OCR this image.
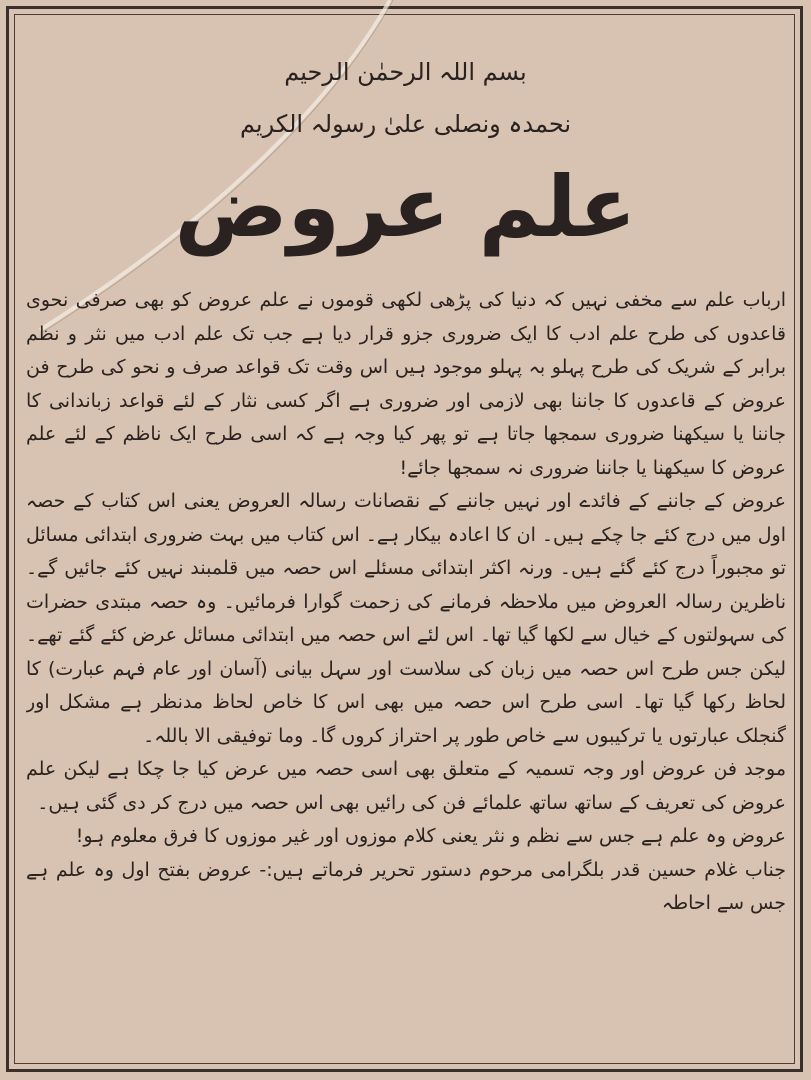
بسم اللہ الرحمٰن الرحیم
نحمدہ ونصلی علیٰ رسولہ الکریم
علم عروض

ارباب علم سے مخفی نہیں کہ دنیا کی پڑھی لکھی قوموں نے علم عروض کو بھی صرفی نحوی قاعدوں کی طرح علم ادب کا ایک ضروری جزو قرار دیا ہے جب تک علم ادب میں نثر و نظم برابر کے شریک کی طرح پہلو بہ پہلو موجود ہیں اس وقت تک قواعد صرف و نحو کی طرح فن عروض کے قاعدوں کا جاننا بھی لازمی اور ضروری ہے اگر کسی نثار کے لئے قواعد زباندانی کا جاننا یا سیکھنا ضروری سمجھا جاتا ہے تو پھر کیا وجہ ہے کہ اسی طرح ایک ناظم کے لئے علم عروض کا سیکھنا یا جاننا ضروری نہ سمجھا جائے!

عروض کے جاننے کے فائدے اور نہیں جاننے کے نقصانات رسالہ العروض یعنی اس کتاب کے حصہ اول میں درج کئے جا چکے ہیں۔ ان کا اعادہ بیکار ہے۔ اس کتاب میں بہت ضروری ابتدائی مسائل تو مجبوراً درج کئے گئے ہیں۔ ورنہ اکثر ابتدائی مسئلے اس حصہ میں قلمبند نہیں کئے جائیں گے۔ ناظرین رسالہ العروض میں ملاحظہ فرمانے کی زحمت گوارا فرمائیں۔ وہ حصہ مبتدی حضرات کی سہولتوں کے خیال سے لکھا گیا تھا۔ اس لئے اس حصہ میں ابتدائی مسائل عرض کئے گئے تھے۔ لیکن جس طرح اس حصہ میں زبان کی سلاست اور سہل بیانی (آسان اور عام فہم عبارت) کا لحاظ رکھا گیا تھا۔ اسی طرح اس حصہ میں بھی اس کا خاص لحاظ مدنظر ہے مشکل اور گنجلک عبارتوں یا ترکیبوں سے خاص طور پر احتراز کروں گا۔ وما توفیقی الا باللہ۔

موجد فن عروض اور وجہ تسمیہ کے متعلق بھی اسی حصہ میں عرض کیا جا چکا ہے لیکن علم عروض کی تعریف کے ساتھ ساتھ علمائے فن کی رائیں بھی اس حصہ میں درج کر دی گئی ہیں۔

عروض وہ علم ہے جس سے نظم و نثر یعنی کلام موزوں اور غیر موزوں کا فرق معلوم ہو!

جناب غلام حسین قدر بلگرامی مرحوم دستور تحریر فرماتے ہیں:- عروض بفتح اول وہ علم ہے جس سے احاطہ
